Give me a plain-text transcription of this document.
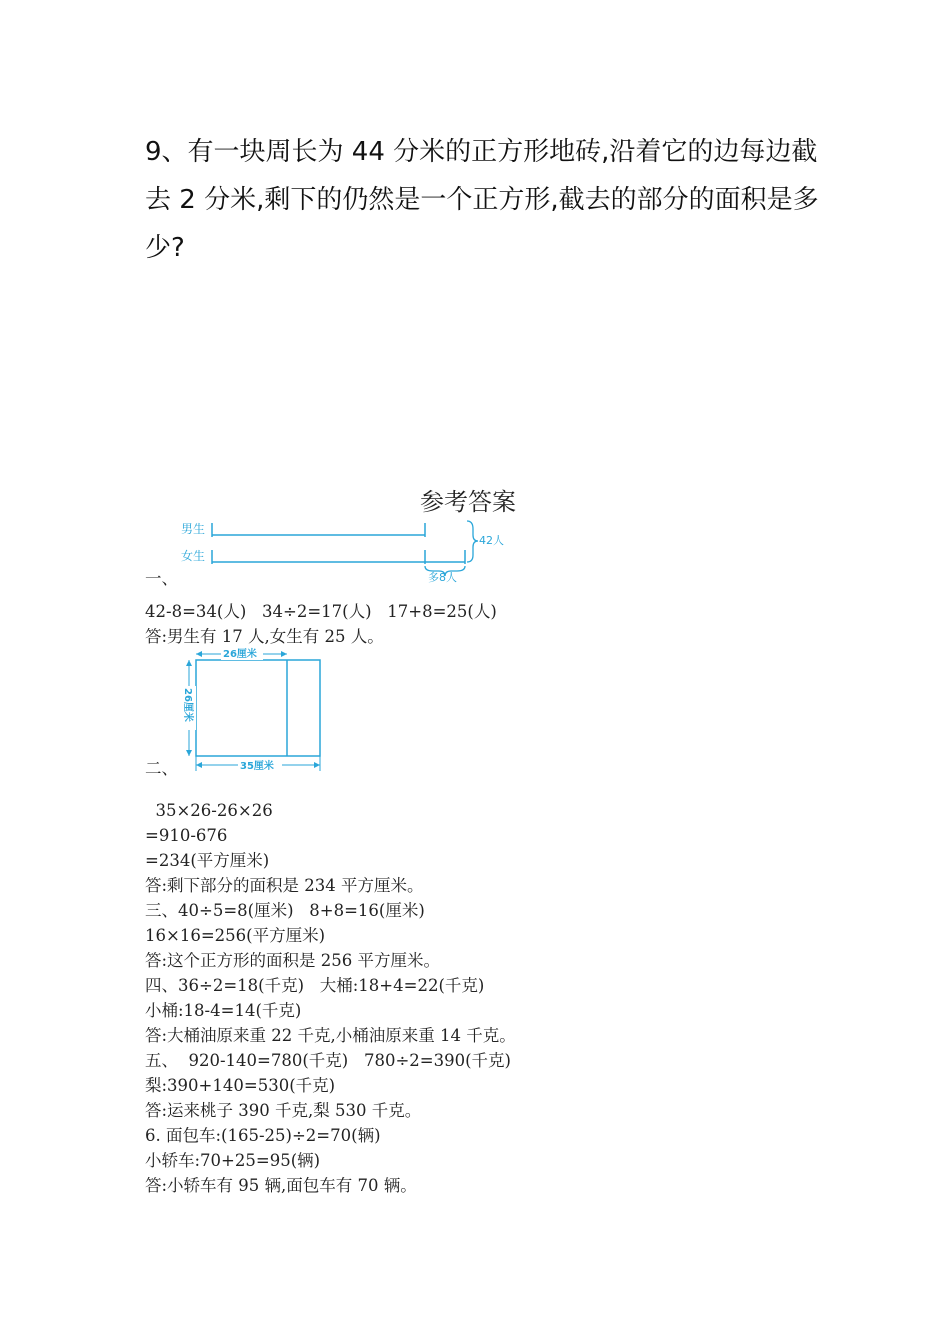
9、有一块周长为 44 分米的正方形地砖,沿着它的边每边截
去 2 分米,剩下的仍然是一个正方形,截去的部分的面积是多
少?
参考答案
男生
女生
42人
多8人
一、
42-8=34(人)   34÷2=17(人)   17+8=25(人)
答:男生有 17 人,女生有 25 人。
26厘米
26厘米
35厘米
二、
35×26-26×26
=910-676
=234(平方厘米)
答:剩下部分的面积是 234 平方厘米。
三、40÷5=8(厘米)   8+8=16(厘米)
16×16=256(平方厘米)
答:这个正方形的面积是 256 平方厘米。
四、36÷2=18(千克)   大桶:18+4=22(千克)
小桶:18-4=14(千克)
答:大桶油原来重 22 千克,小桶油原来重 14 千克。
五、  920-140=780(千克)   780÷2=390(千克)
梨:390+140=530(千克)
答:运来桃子 390 千克,梨 530 千克。
6. 面包车:(165-25)÷2=70(辆)
小轿车:70+25=95(辆)
答:小轿车有 95 辆,面包车有 70 辆。
